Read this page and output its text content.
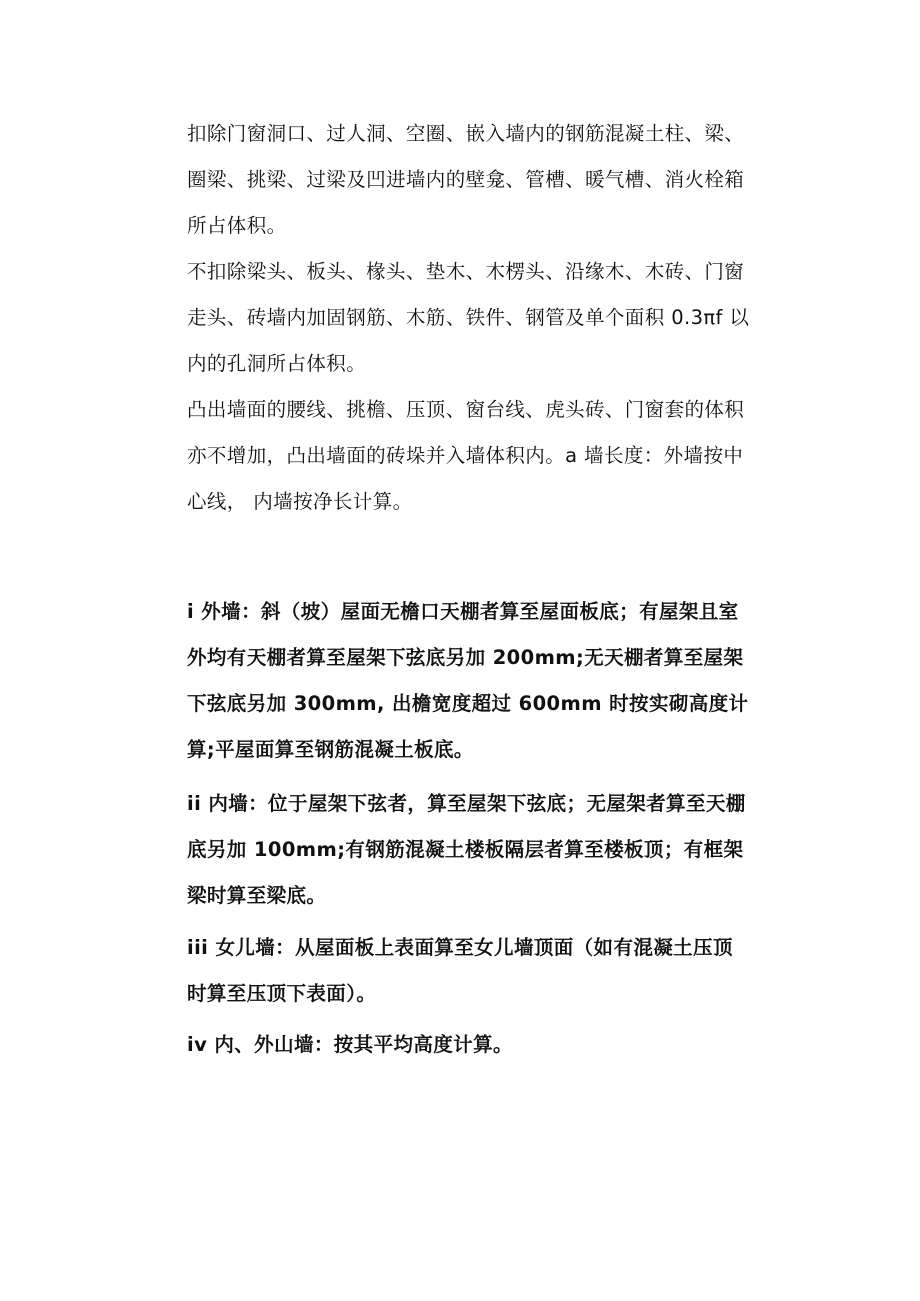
扣除门窗洞口、过人洞、空圈、嵌入墙内的钢筋混凝土柱、梁、
圈梁、挑梁、过梁及凹进墙内的壁龛、管槽、暖气槽、消火栓箱
所占体积。

不扣除梁头、板头、椽头、垫木、木楞头、沿缘木、木砖、门窗
走头、砖墙内加固钢筋、木筋、铁件、钢管及单个面积 0.3πf 以
内的孔洞所占体积。

凸出墙面的腰线、挑檐、压顶、窗台线、虎头砖、门窗套的体积
亦不增加，凸出墙面的砖垛并入墙体积内。a 墙长度：外墙按中
心线， 内墙按净长计算。

i 外墙：斜（坡）屋面无檐口天棚者算至屋面板底；有屋架且室
外均有天棚者算至屋架下弦底另加 200mm;无天棚者算至屋架
下弦底另加 300mm, 出檐宽度超过 600mm 时按实砌高度计
算;平屋面算至钢筋混凝土板底。

ii 内墙：位于屋架下弦者，算至屋架下弦底；无屋架者算至天棚
底另加 100mm;有钢筋混凝土楼板隔层者算至楼板顶；有框架
梁时算至梁底。

iii 女儿墙：从屋面板上表面算至女儿墙顶面（如有混凝土压顶
时算至压顶下表面）。

iv 内、外山墙：按其平均高度计算。
